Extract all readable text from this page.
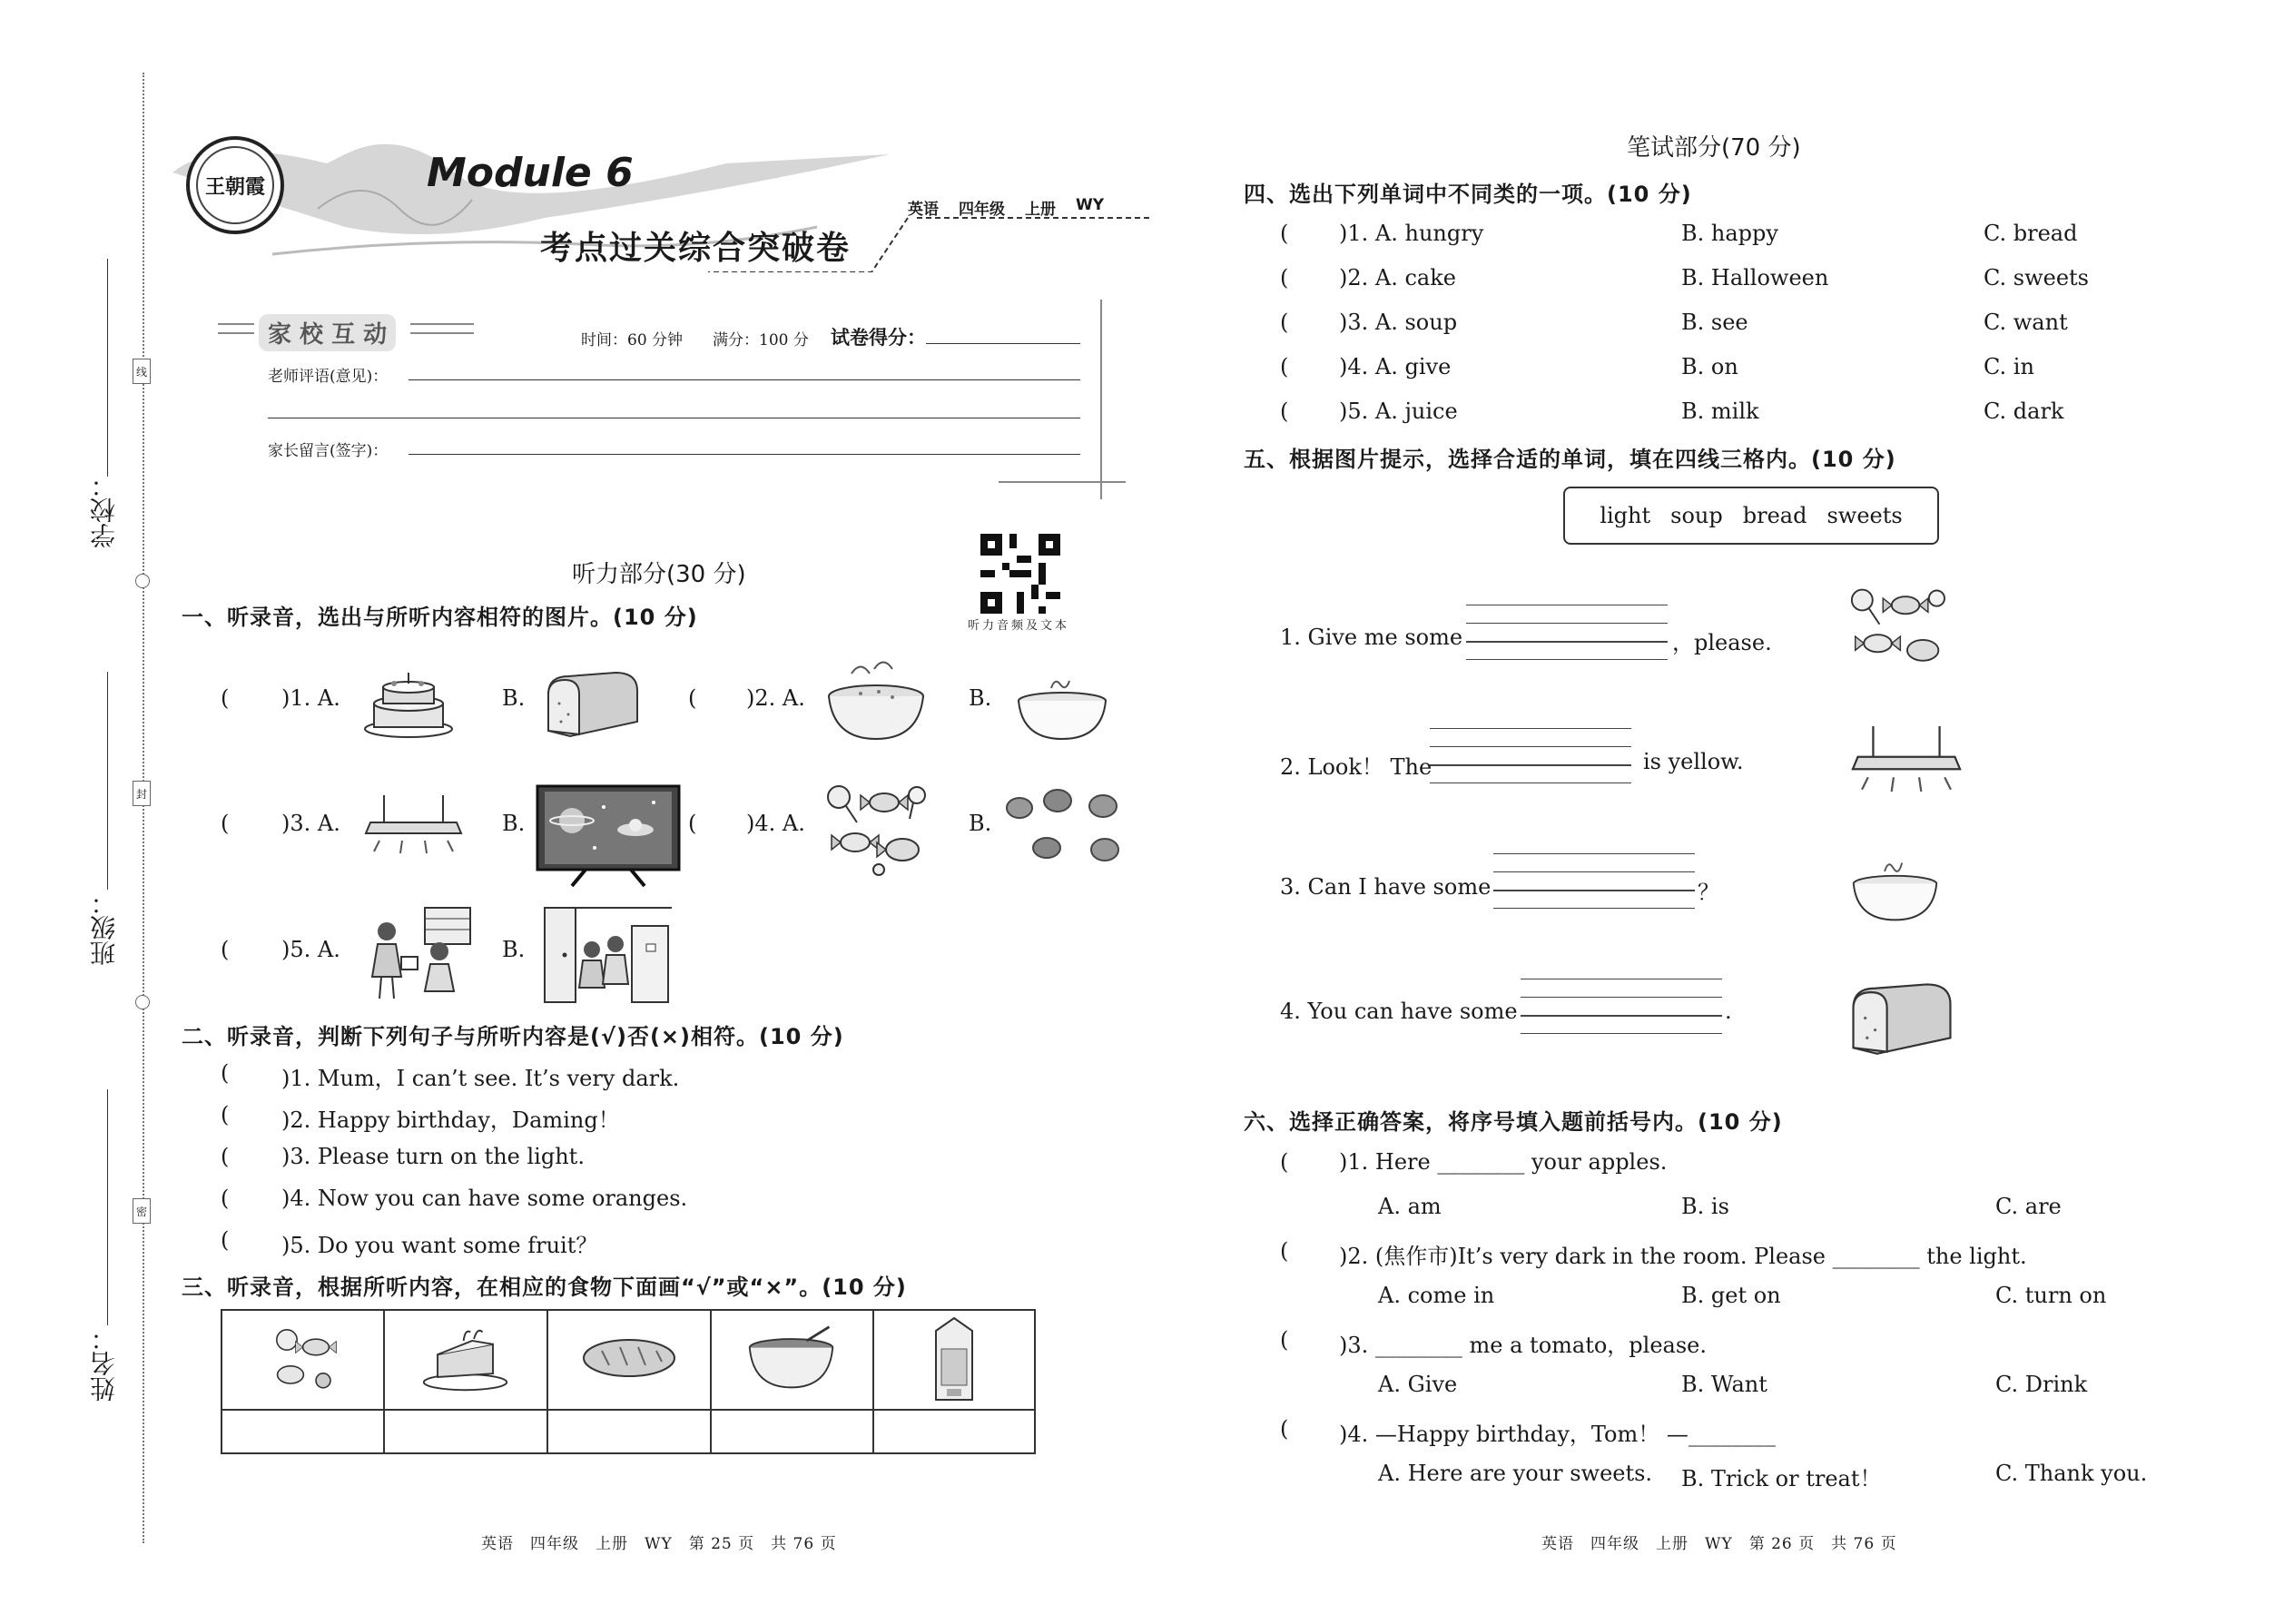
学校：
班级：
姓名：
线
封
密
王朝霞	Module 6
考点过关综合突破卷
英语 四年级 上册 WY
家 校 互 动	时间：60 分钟 满分：100 分 试卷得分：
老师评语(意见)：
家长留言(签字)：
听力音频及文本
听力部分(30 分)
一、听录音，选出与所听内容相符的图片。(10 分)
( )1. A.	B.	( )2. A.	B.
( )3. A.	B.	( )4. A.	B.
( )5. A.	B.
二、听录音，判断下列句子与所听内容是(√)否(×)相符。(10 分)
( )1. Mum，I can’t see. It’s very dark.
( )2. Happy birthday，Daming！
( )3. Please turn on the light.
( )4. Now you can have some oranges.
( )5. Do you want some fruit？
三、听录音，根据所听内容，在相应的食物下面画“√”或“×”。(10 分)

英语　四年级　上册　WY　第 25 页　共 76 页
笔试部分(70 分)
四、选出下列单词中不同类的一项。(10 分)
( )1. A. hungry	B. happy	C. bread
( )2. A. cake	B. Halloween	C. sweets
( )3. A. soup	B. see	C. want
( )4. A. give	B. on	C. in
( )5. A. juice	B. milk	C. dark
五、根据图片提示，选择合适的单词，填在四线三格内。(10 分)
light soup bread sweets
1. Give me some	，please.
2. Look！ The	is yellow.
3. Can I have some	？
4. You can have some	.
六、选择正确答案，将序号填入题前括号内。(10 分)
( )1. Here ________ your apples.
A. am	B. is	C. are
( )2. (焦作市)It’s very dark in the room. Please ________ the light.
A. come in	B. get on	C. turn on
( )3. ________ me a tomato，please.
A. Give	B. Want	C. Drink
( )4. —Happy birthday，Tom！ —________
A. Here are your sweets. B. Trick or treat！	C. Thank you.
英语　四年级　上册　WY　第 26 页　共 76 页
